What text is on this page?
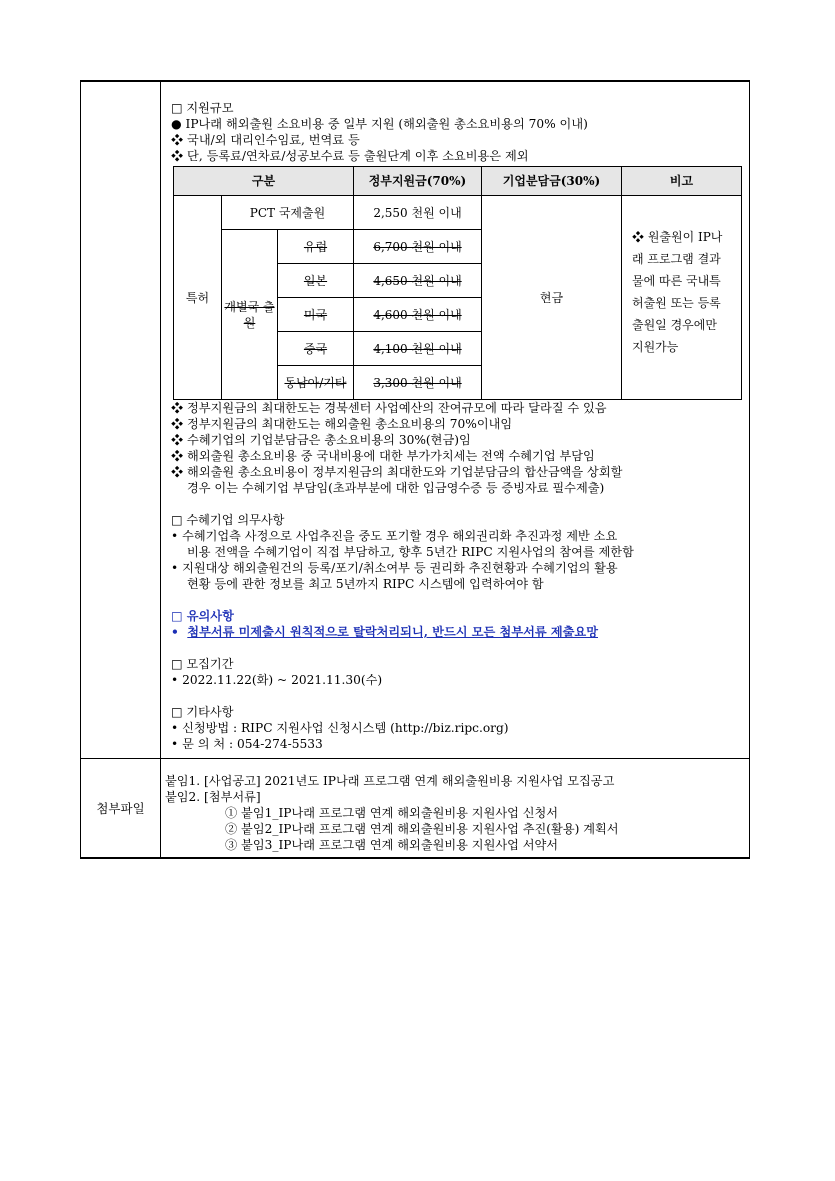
□ 지원규모
● IP나래 해외출원 소요비용 중 일부 지원 (해외출원 총소요비용의 70% 이내)
❖ 국내/외 대리인수임료, 번역료 등
❖ 단, 등록료/연차료/성공보수료 등 출원단계 이후 소요비용은 제외
구분	정부지원금(70%)	기업분담금(30%)	비고
특허	PCT 국제출원	2,550 천원 이내	현금	❖ 원출원이 IP나래 프로그램 결과물에 따른 국내특허출원 또는 등록출원일 경우에만 지원가능
개별국 출원	유럽	6,700 천원 이내
일본	4,650 천원 이내
미국	4,600 천원 이내
중국	4,100 천원 이내
동남아/기타	3,300 천원 이내
❖ 정부지원금의 최대한도는 경북센터 사업예산의 잔여규모에 따라 달라질 수 있음
❖ 정부지원금의 최대한도는 해외출원 총소요비용의 70%이내임
❖ 수혜기업의 기업분담금은 총소요비용의 30%(현금)임
❖ 해외출원 총소요비용 중 국내비용에 대한 부가가치세는 전액 수혜기업 부담임
❖ 해외출원 총소요비용이 정부지원금의 최대한도와 기업분담금의 합산금액을 상회할
경우 이는 수혜기업 부담임(초과부분에 대한 입금영수증 등 증빙자료 필수제출)
□ 수혜기업 의무사항
• 수혜기업측 사정으로 사업추진을 중도 포기할 경우 해외권리화 추진과정 제반 소요
비용 전액을 수혜기업이 직접 부담하고, 향후 5년간 RIPC 지원사업의 참여를 제한함
• 지원대상 해외출원건의 등록/포기/취소여부 등 권리화 추진현황과 수혜기업의 활용
현황 등에 관한 정보를 최고 5년까지 RIPC 시스템에 입력하여야 함
□ 유의사항
• 첨부서류 미제출시 원칙적으로 탈락처리되니, 반드시 모든 첨부서류 제출요망
□ 모집기간
• 2022.11.22(화) ~ 2021.11.30(수)
□ 기타사항
• 신청방법 : RIPC 지원사업 신청시스템 (http://biz.ripc.org)
• 문 의 처 : 054-274-5533

첨부파일	
붙임1. [사업공고] 2021년도 IP나래 프로그램 연계 해외출원비용 지원사업 모집공고
붙임2. [첨부서류]
① 붙임1_IP나래 프로그램 연계 해외출원비용 지원사업 신청서
② 붙임2_IP나래 프로그램 연계 해외출원비용 지원사업 추진(활용) 계획서
③ 붙임3_IP나래 프로그램 연계 해외출원비용 지원사업 서약서
